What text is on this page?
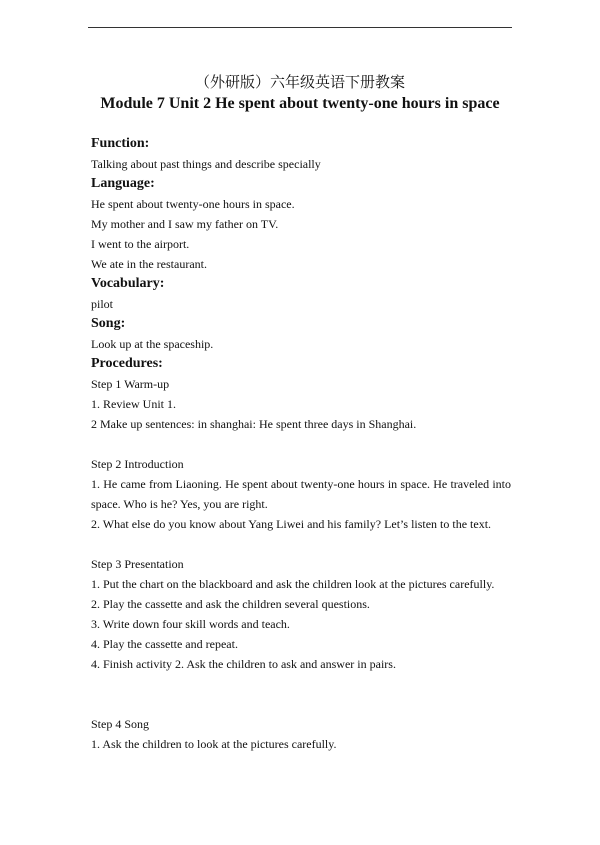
（外研版）六年级英语下册教案
Module 7 Unit 2 He spent about twenty-one hours in space
Function:
Talking about past things and describe specially
Language:
He spent about twenty-one hours in space.
My mother and I saw my father on TV.
I went to the airport.
We ate in the restaurant.
Vocabulary:
pilot
Song:
Look up at the spaceship.
Procedures:
Step 1 Warm-up
1. Review Unit 1.
2 Make up sentences: in shanghai: He spent three days in Shanghai.
Step 2 Introduction
1. He came from Liaoning. He spent about twenty-one hours in space. He traveled into space. Who is he? Yes, you are right.
2. What else do you know about Yang Liwei and his family? Let’s listen to the text.
Step 3 Presentation
1. Put the chart on the blackboard and ask the children look at the pictures carefully.
2. Play the cassette and ask the children several questions.
3. Write down four skill words and teach.
4. Play the cassette and repeat.
4. Finish activity 2. Ask the children to ask and answer in pairs.
Step 4 Song
1. Ask the children to look at the pictures carefully.
